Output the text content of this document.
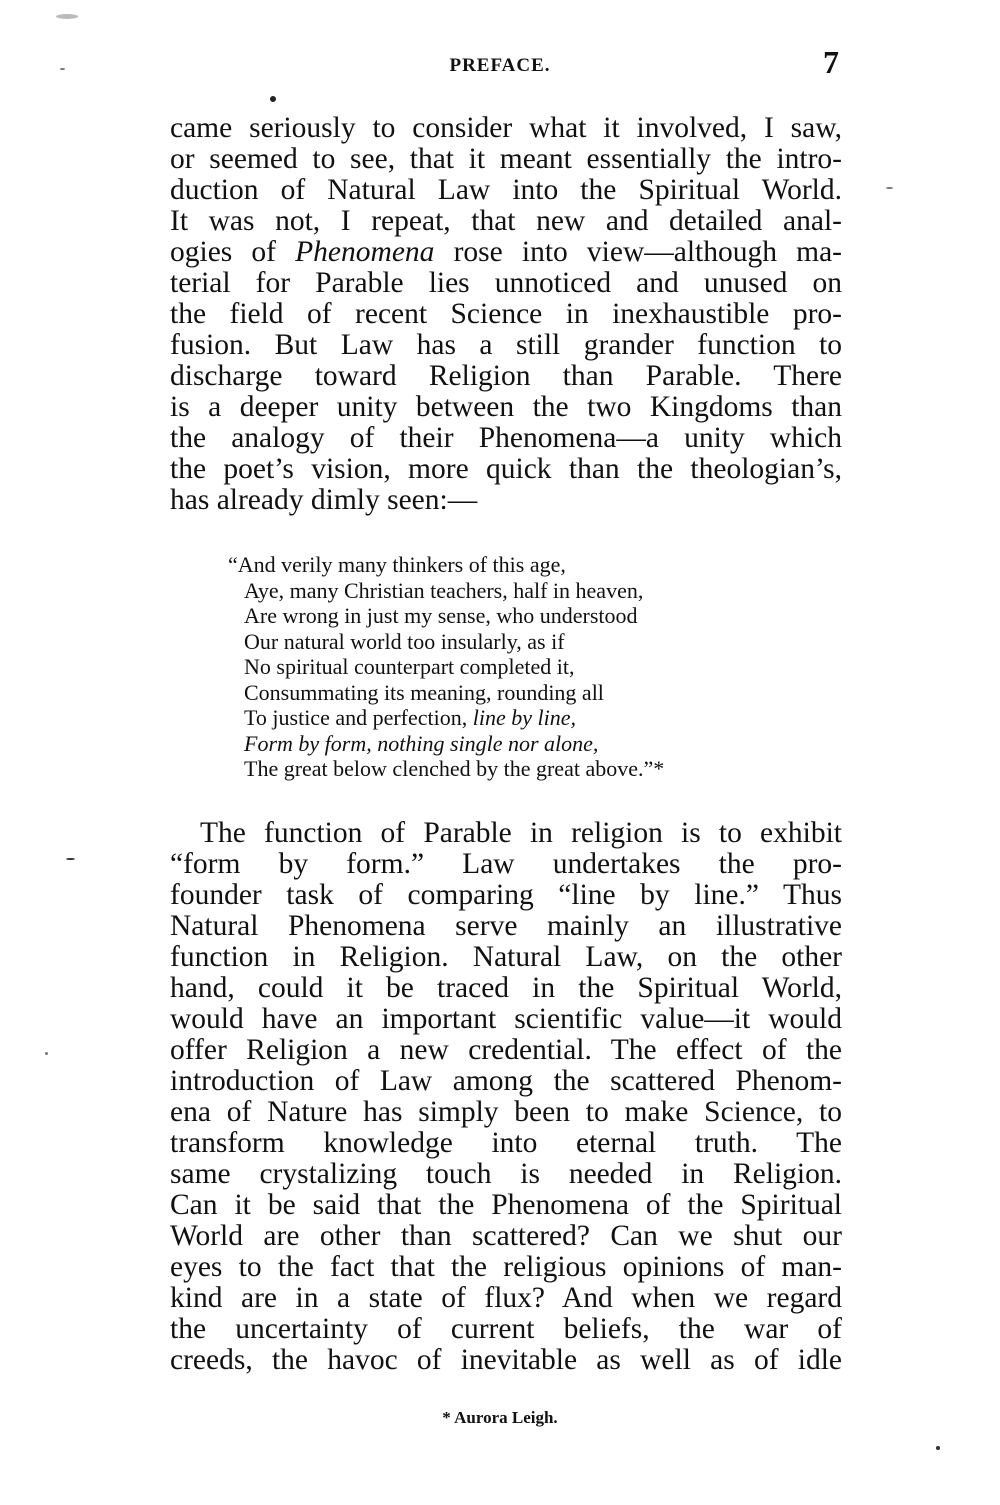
PREFACE.	7
came seriously to consider what it involved, I saw,
or seemed to see, that it meant essentially the intro-
duction of Natural Law into the Spiritual World.
It was not, I repeat, that new and detailed anal-
ogies of Phenomena rose into view—although ma-
terial for Parable lies unnoticed and unused on
the field of recent Science in inexhaustible pro-
fusion. But Law has a still grander function to
discharge toward Religion than Parable. There
is a deeper unity between the two Kingdoms than
the analogy of their Phenomena—a unity which
the poet’s vision, more quick than the theologian’s,
has already dimly seen:—
“And verily many thinkers of this age,
Aye, many Christian teachers, half in heaven,
Are wrong in just my sense, who understood
Our natural world too insularly, as if
No spiritual counterpart completed it,
Consummating its meaning, rounding all
To justice and perfection, line by line,
Form by form, nothing single nor alone,
The great below clenched by the great above.”*
The function of Parable in religion is to exhibit
“form by form.” Law undertakes the pro-
founder task of comparing “line by line.” Thus
Natural Phenomena serve mainly an illustrative
function in Religion. Natural Law, on the other
hand, could it be traced in the Spiritual World,
would have an important scientific value—it would
offer Religion a new credential. The effect of the
introduction of Law among the scattered Phenom-
ena of Nature has simply been to make Science, to
transform knowledge into eternal truth. The
same crystalizing touch is needed in Religion.
Can it be said that the Phenomena of the Spiritual
World are other than scattered? Can we shut our
eyes to the fact that the religious opinions of man-
kind are in a state of flux? And when we regard
the uncertainty of current beliefs, the war of
creeds, the havoc of inevitable as well as of idle
* Aurora Leigh.
